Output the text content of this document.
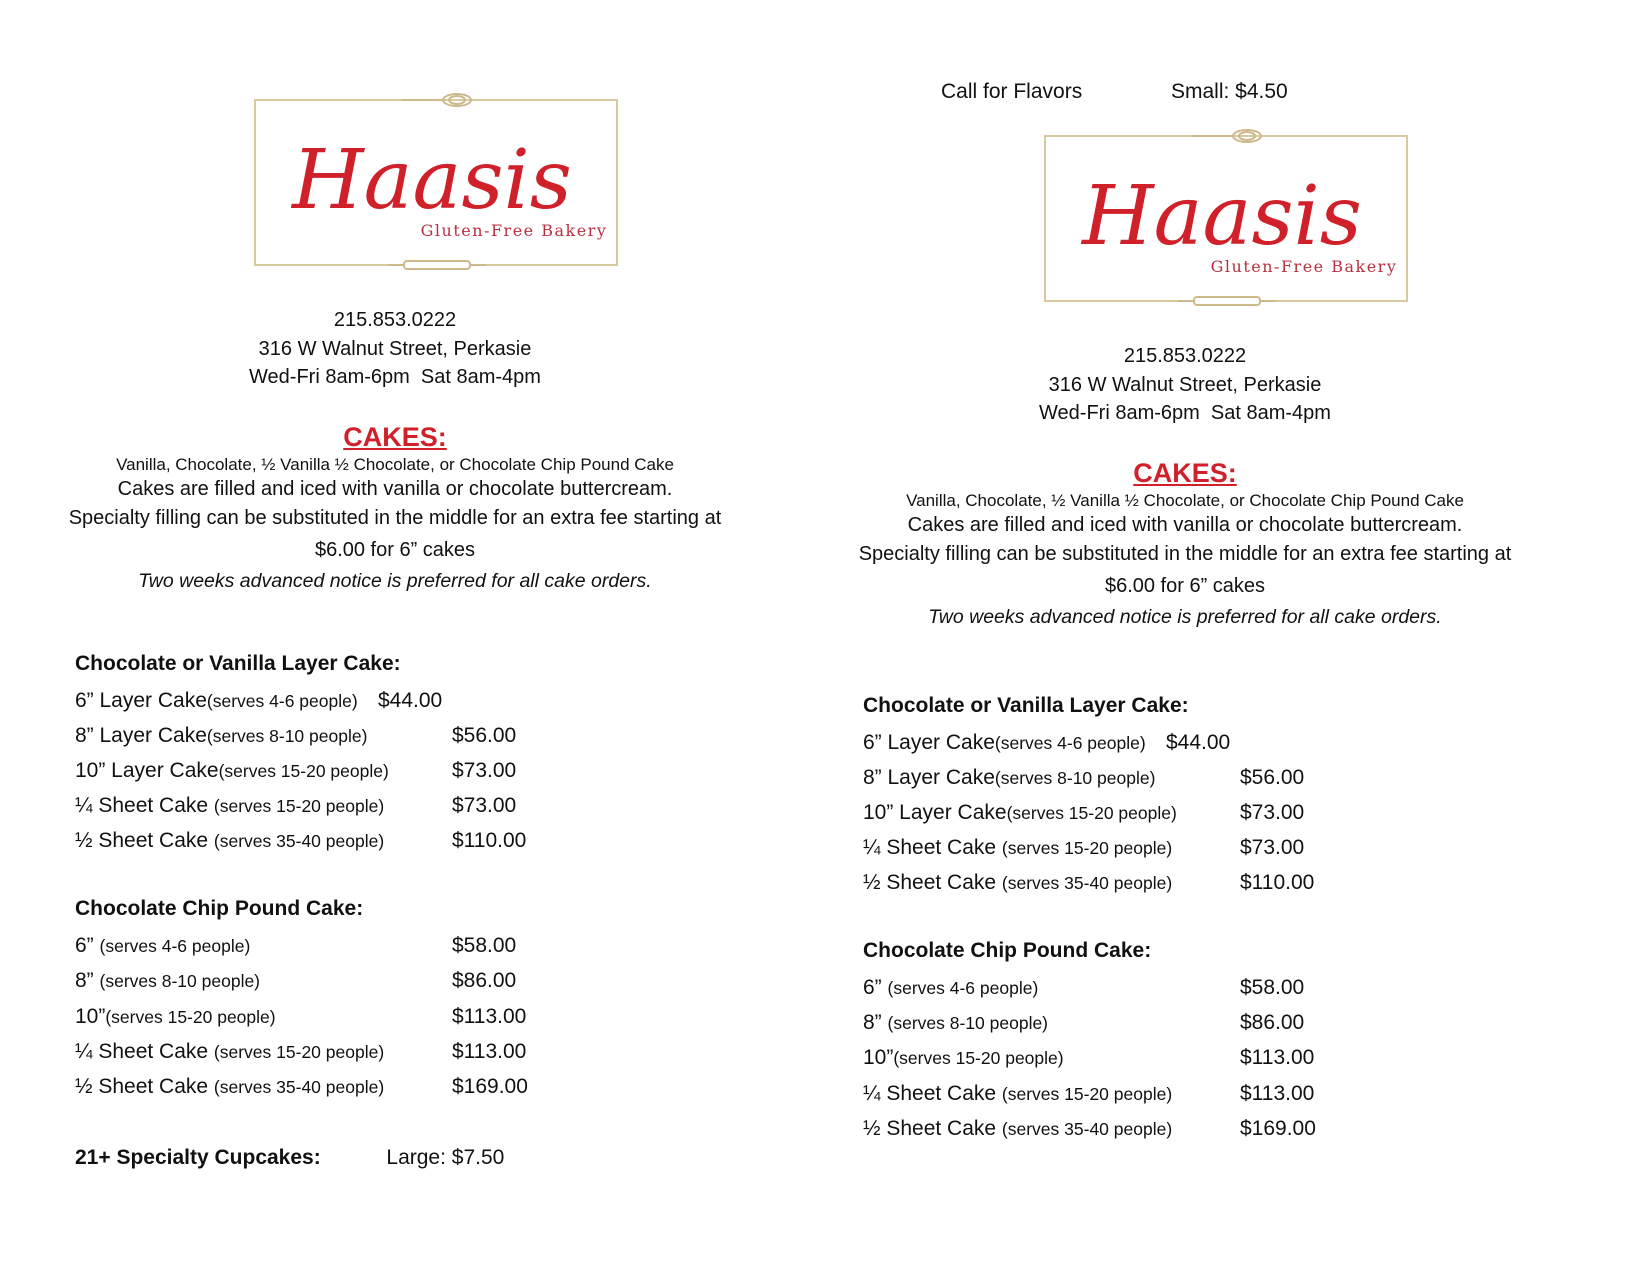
Haasis
Gluten-Free Bakery
215.853.0222
316 W Walnut Street, Perkasie
Wed-Fri 8am-6pm  Sat 8am-4pm
CAKES:
Vanilla, Chocolate, ½ Vanilla ½ Chocolate, or Chocolate Chip Pound Cake
Cakes are filled and iced with vanilla or chocolate buttercream.
Specialty filling can be substituted in the middle for an extra fee starting at
$6.00 for 6” cakes
Two weeks advanced notice is preferred for all cake orders.
Chocolate or Vanilla Layer Cake:
6” Layer Cake(serves 4-6 people) $44.00
8” Layer Cake(serves 8-10 people)	$56.00
10” Layer Cake(serves 15-20 people)	$73.00
¼ Sheet Cake (serves 15-20 people)	$73.00
½ Sheet Cake (serves 35-40 people)	$110.00
Chocolate Chip Pound Cake:
6” (serves 4-6 people)	$58.00
8” (serves 8-10 people)	$86.00
10”(serves 15-20 people)	$113.00
¼ Sheet Cake (serves 15-20 people)	$113.00
½ Sheet Cake (serves 35-40 people)	$169.00
21+ Specialty Cupcakes:	Large: $7.50
Call for Flavors	Small: $4.50
Haasis
Gluten-Free Bakery
215.853.0222
316 W Walnut Street, Perkasie
Wed-Fri 8am-6pm  Sat 8am-4pm
CAKES:
Vanilla, Chocolate, ½ Vanilla ½ Chocolate, or Chocolate Chip Pound Cake
Cakes are filled and iced with vanilla or chocolate buttercream.
Specialty filling can be substituted in the middle for an extra fee starting at
$6.00 for 6” cakes
Two weeks advanced notice is preferred for all cake orders.
Chocolate or Vanilla Layer Cake:
6” Layer Cake(serves 4-6 people) $44.00
8” Layer Cake(serves 8-10 people)	$56.00
10” Layer Cake(serves 15-20 people)	$73.00
¼ Sheet Cake (serves 15-20 people)	$73.00
½ Sheet Cake (serves 35-40 people)	$110.00
Chocolate Chip Pound Cake:
6” (serves 4-6 people)	$58.00
8” (serves 8-10 people)	$86.00
10”(serves 15-20 people)	$113.00
¼ Sheet Cake (serves 15-20 people)	$113.00
½ Sheet Cake (serves 35-40 people)	$169.00
